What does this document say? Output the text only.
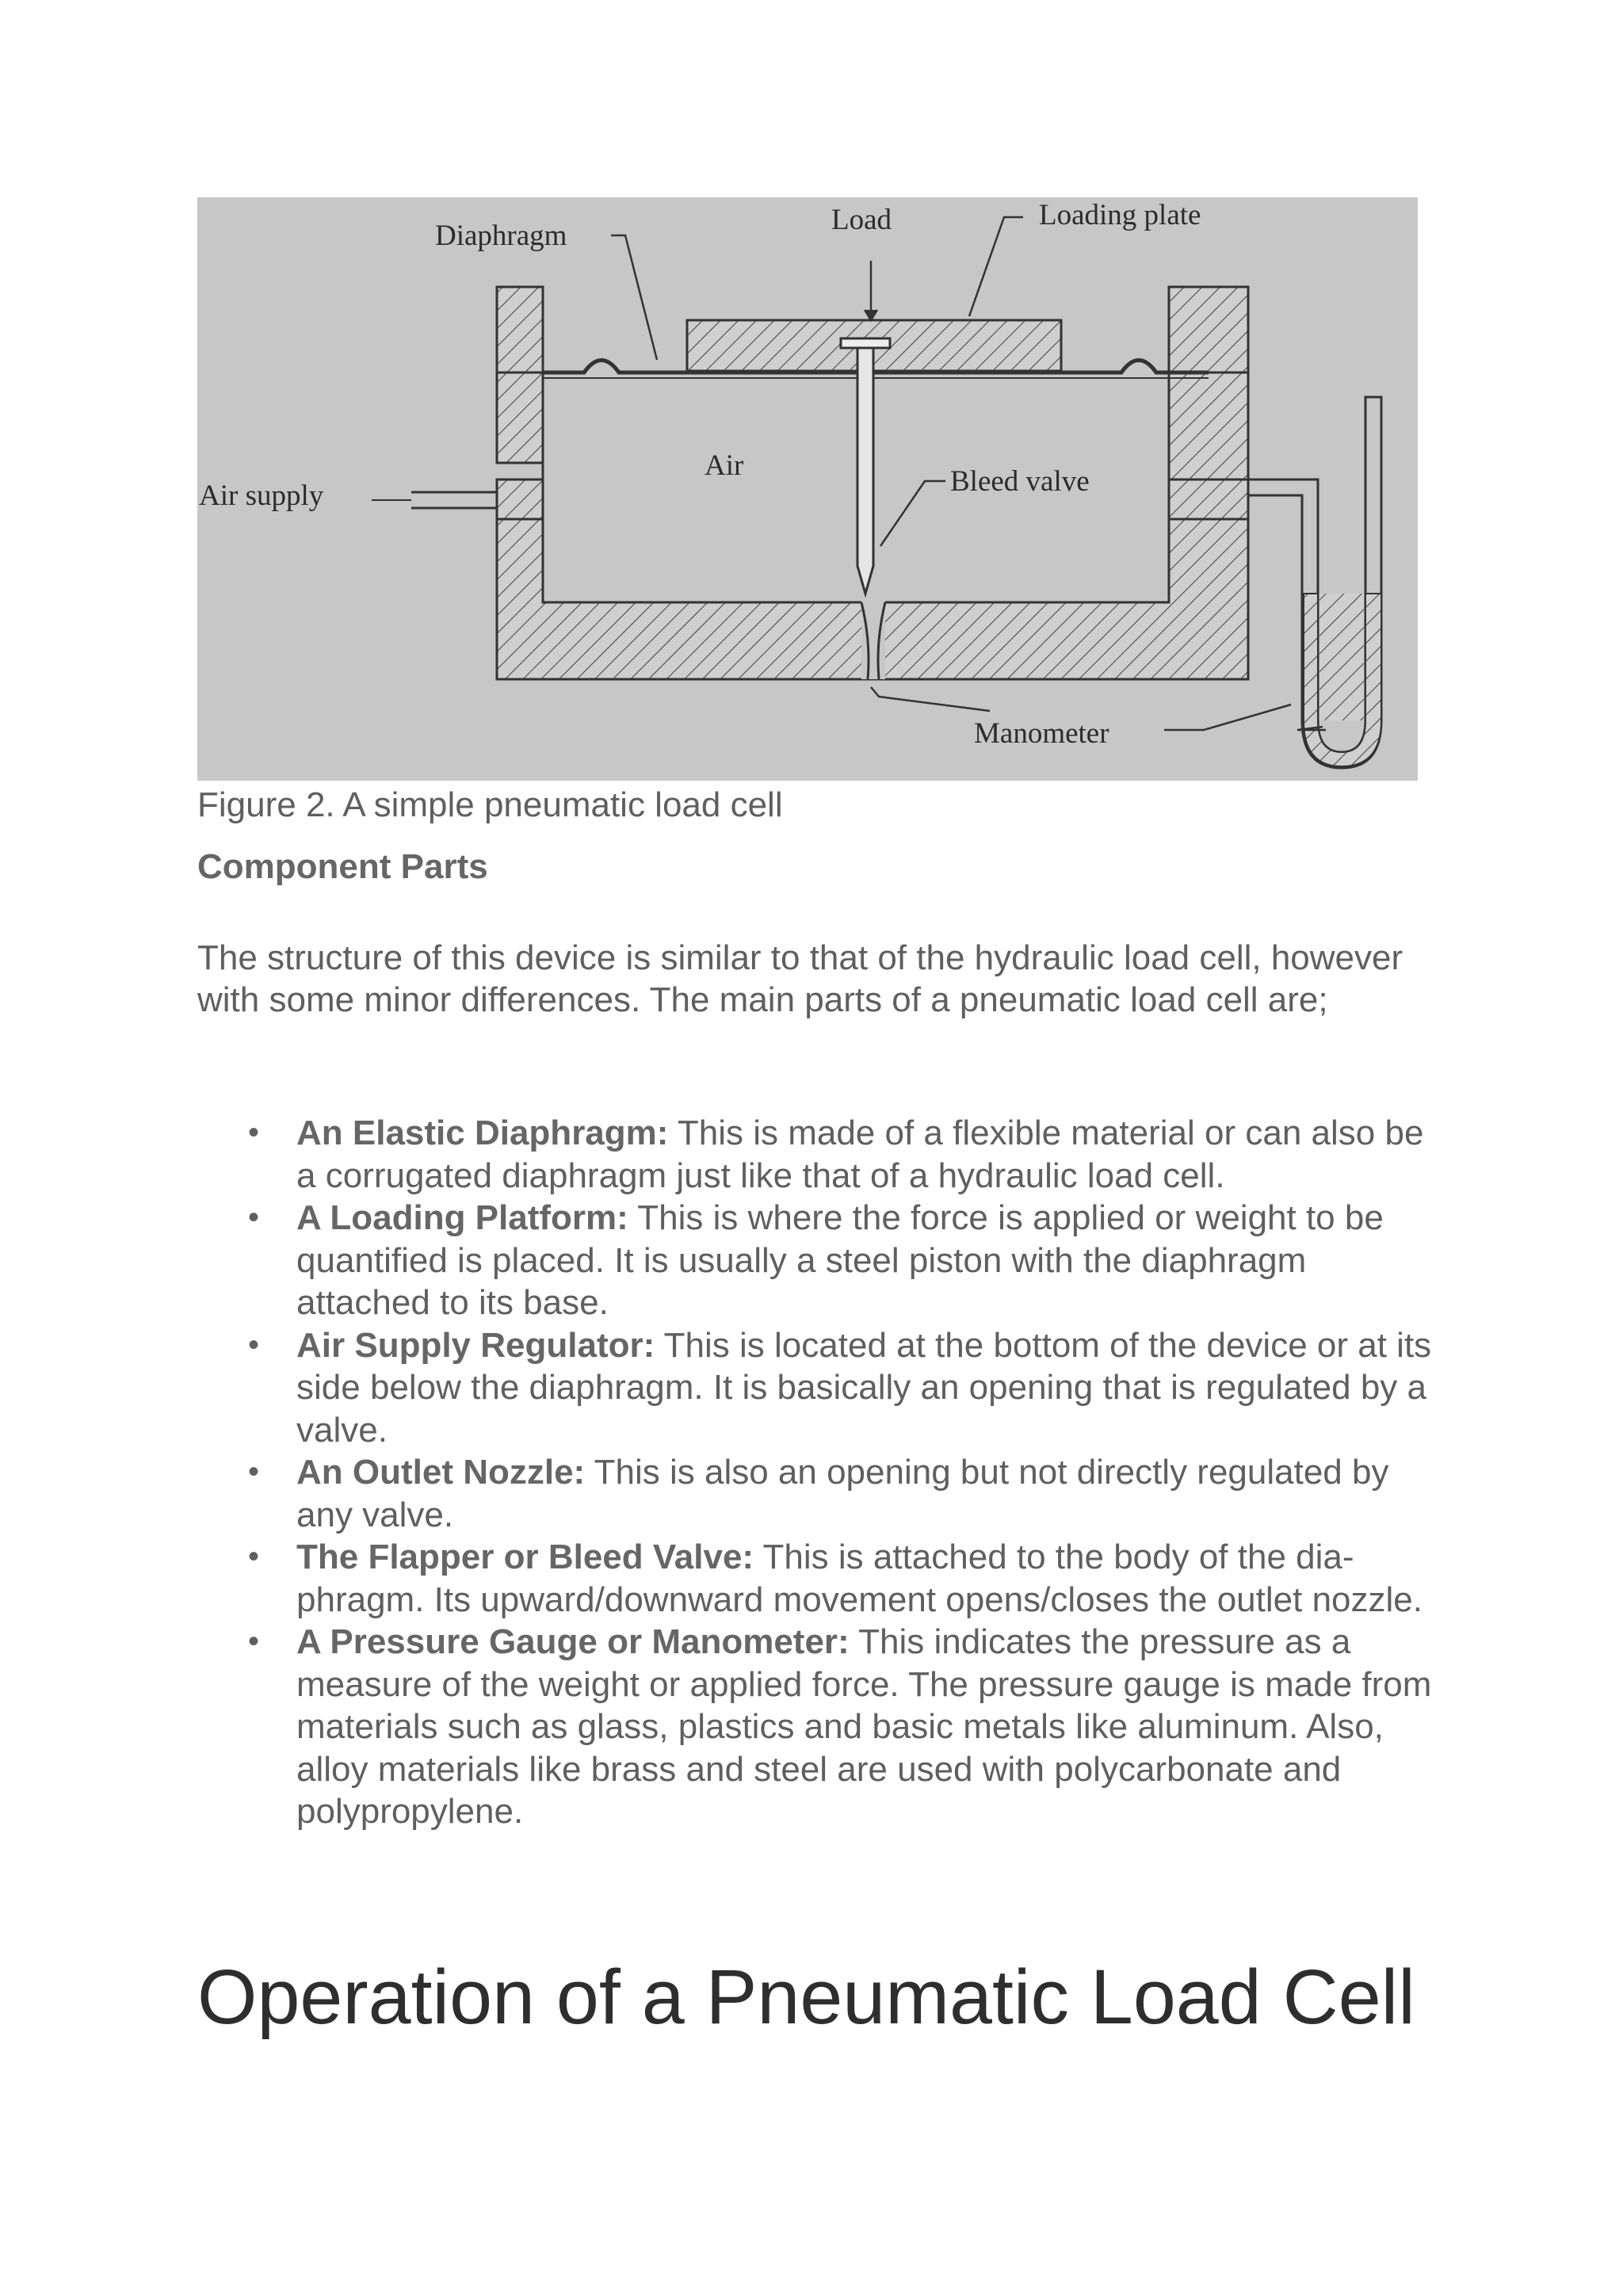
Diaphragm	Load	Loading plate
Air supply
Air	Bleed valve
Manometer
Figure 2. A simple pneumatic load cell
Component Parts

The structure of this device is similar to that of the hydraulic load cell, however with some minor differences. The main parts of a pneumatic load cell are;

• An Elastic Diaphragm: This is made of a flexible material or can also be a corrugated diaphragm just like that of a hydraulic load cell.
• A Loading Platform: This is where the force is applied or weight to be quantified is placed. It is usually a steel piston with the diaphragm attached to its base.
• Air Supply Regulator: This is located at the bottom of the device or at its side below the diaphragm. It is basically an opening that is regulated by a valve.
• An Outlet Nozzle: This is also an opening but not directly regulated by any valve.
• The Flapper or Bleed Valve: This is attached to the body of the diaphragm. Its upward/downward movement opens/closes the outlet nozzle.
• A Pressure Gauge or Manometer: This indicates the pressure as a measure of the weight or applied force. The pressure gauge is made from materials such as glass, plastics and basic metals like aluminum. Also, alloy materials like brass and steel are used with polycarbonate and polypropylene.
Operation of a Pneumatic Load Cell
